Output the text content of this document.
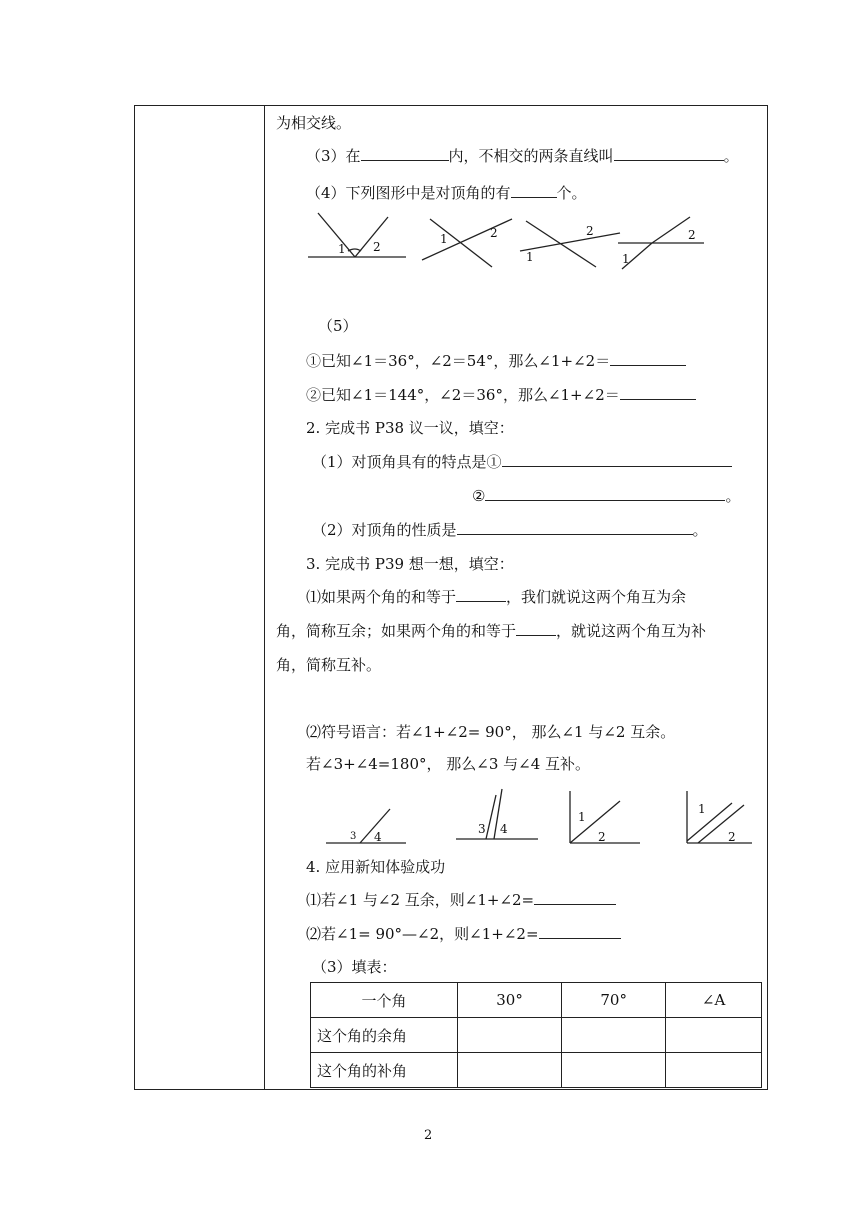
为相交线。
（3）在	内，不相交的两条直线叫	。
（4）下列图形中是对顶角的有	个。
1 2
1	2
1
2
1
2
（5）
①已知∠1＝36°，∠2＝54°，那么∠1+∠2＝
②已知∠1＝144°，∠2＝36°，那么∠1+∠2＝
2. 完成书 P38 议一议，填空：
（1）对顶角具有的特点是①
②	。
（2）对顶角的性质是	。
3. 完成书 P39 想一想，填空：
⑴如果两个角的和等于	，我们就说这两个角互为余
角，简称互余；如果两个角的和等于	，就说这两个角互为补
角，简称互补。
⑵符号语言：若∠1+∠2= 90°， 那么∠1 与∠2 互余。
若∠3+∠4=180°， 那么∠3 与∠4 互补。
3 4
3 4
1
2
1
2
4. 应用新知体验成功
⑴若∠1 与∠2 互余，则∠1+∠2=
⑵若∠1= 90°—∠2，则∠1+∠2=
（3）填表：
一个角	30°	70°	∠A
这个角的余角			
这个角的补角			
2
